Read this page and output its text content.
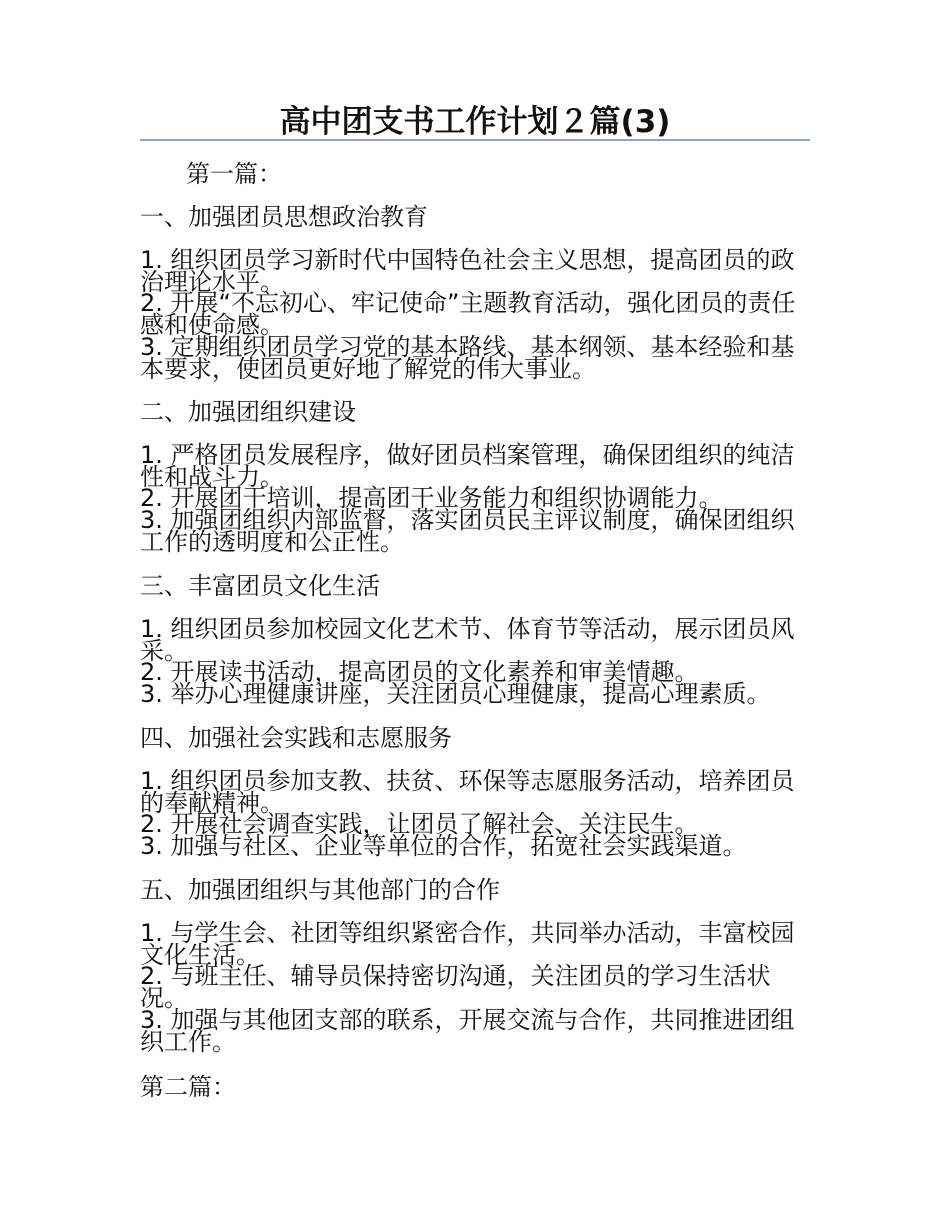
高中团支书工作计划２篇(3)
第一篇：
一、加强团员思想政治教育
1. 组织团员学习新时代中国特色社会主义思想，提高团员的政治理论水平。
2. 开展“不忘初心、牢记使命”主题教育活动，强化团员的责任感和使命感。
3. 定期组织团员学习党的基本路线、基本纲领、基本经验和基本要求，使团员更好地了解党的伟大事业。
二、加强团组织建设
1. 严格团员发展程序，做好团员档案管理，确保团组织的纯洁性和战斗力。
2. 开展团干培训，提高团干业务能力和组织协调能力。
3. 加强团组织内部监督，落实团员民主评议制度，确保团组织工作的透明度和公正性。
三、丰富团员文化生活
1. 组织团员参加校园文化艺术节、体育节等活动，展示团员风采。
2. 开展读书活动，提高团员的文化素养和审美情趣。
3. 举办心理健康讲座，关注团员心理健康，提高心理素质。
四、加强社会实践和志愿服务
1. 组织团员参加支教、扶贫、环保等志愿服务活动，培养团员的奉献精神。
2. 开展社会调查实践，让团员了解社会、关注民生。
3. 加强与社区、企业等单位的合作，拓宽社会实践渠道。
五、加强团组织与其他部门的合作
1. 与学生会、社团等组织紧密合作，共同举办活动，丰富校园文化生活。
2. 与班主任、辅导员保持密切沟通，关注团员的学习生活状况。
3. 加强与其他团支部的联系，开展交流与合作，共同推进团组织工作。
第二篇：
